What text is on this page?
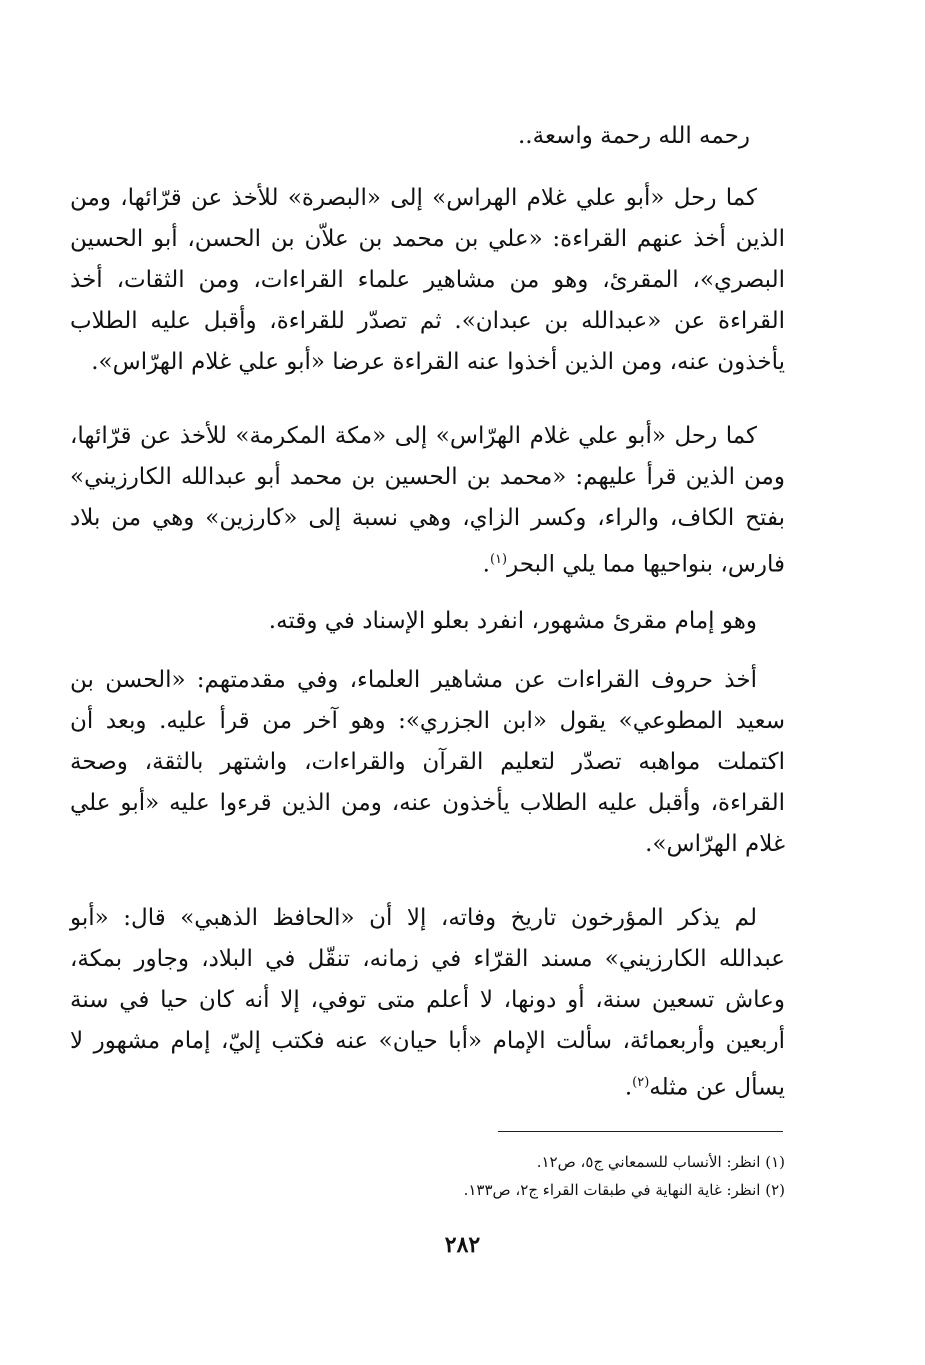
رحمه الله رحمة واسعة..

كما رحل «أبو علي غلام الهراس» إلى «البصرة» للأخذ عن قرّائها، ومن الذين أخذ عنهم القراءة: «علي بن محمد بن علاّن بن الحسن، أبو الحسين البصري»، المقرئ، وهو من مشاهير علماء القراءات، ومن الثقات، أخذ القراءة عن «عبدالله بن عبدان». ثم تصدّر للقراءة، وأقبل عليه الطلاب يأخذون عنه، ومن الذين أخذوا عنه القراءة عرضا «أبو علي غلام الهرّاس».

كما رحل «أبو علي غلام الهرّاس» إلى «مكة المكرمة» للأخذ عن قرّائها، ومن الذين قرأ عليهم: «محمد بن الحسين بن محمد أبو عبدالله الكارزيني» بفتح الكاف، والراء، وكسر الزاي، وهي نسبة إلى «كارزين» وهي من بلاد فارس، بنواحيها مما يلي البحر$^{(١)}$.

وهو إمام مقرئ مشهور، انفرد بعلو الإسناد في وقته.

أخذ حروف القراءات عن مشاهير العلماء، وفي مقدمتهم: «الحسن بن سعيد المطوعي» يقول «ابن الجزري»: وهو آخر من قرأ عليه. وبعد أن اكتملت مواهبه تصدّر لتعليم القرآن والقراءات، واشتهر بالثقة، وصحة القراءة، وأقبل عليه الطلاب يأخذون عنه، ومن الذين قرءوا عليه «أبو علي غلام الهرّاس».

لم يذكر المؤرخون تاريخ وفاته، إلا أن «الحافظ الذهبي» قال: «أبو عبدالله الكارزيني» مسند القرّاء في زمانه، تنقّل في البلاد، وجاور بمكة، وعاش تسعين سنة، أو دونها، لا أعلم متى توفي، إلا أنه كان حيا في سنة أربعين وأربعمائة، سألت الإمام «أبا حيان» عنه فكتب إليّ، إمام مشهور لا يسأل عن مثله$^{(٢)}$.

(١) انظر: الأنساب للسمعاني ج٥، ص١٢.

(٢) انظر: غاية النهاية في طبقات القراء ج٢، ص١٣٣.

٢٨٢
